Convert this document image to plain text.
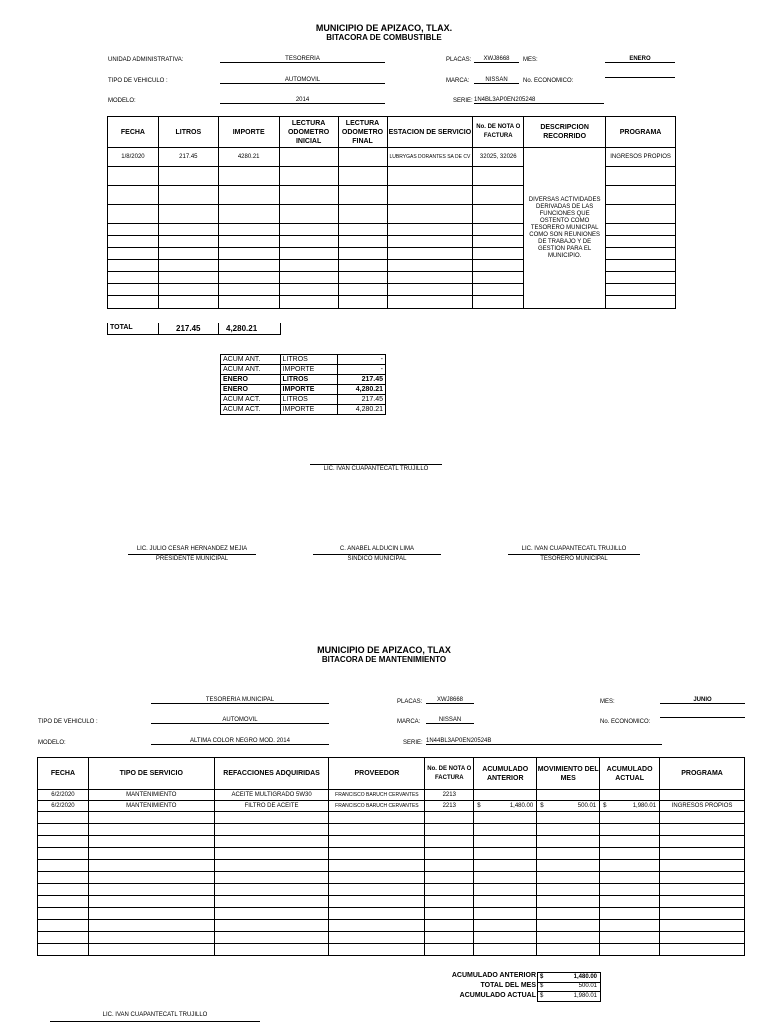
MUNICIPIO DE APIZACO, TLAX.
BITACORA DE COMBUSTIBLE
UNIDAD ADMINISTRATIVA:	TESORERIA	PLACAS:	XWJ8668	MES:	ENERO
TIPO DE VEHICULO :	AUTOMOVIL	MARCA:	NISSAN	No. ECONOMICO:
MODELO:	2014	SERIE: 1N4BL3AP0EN205248
FECHA	LITROS	IMPORTE	LECTURA ODOMETRO INICIAL	LECTURA ODOMETRO FINAL	ESTACION DE SERVICIO	No. DE NOTA O FACTURA	DESCRIPCION RECORRIDO	PROGRAMA
1/8/2020	217.45	4280.21			LUBRYGAS DORANTES SA DE CV	32025, 32026	DIVERSAS ACTIVIDADES DERIVADAS DE LAS FUNCIONES QUE OSTENTO COMO TESORERO MUNICIPAL COMO SON REUNIONES DE TRABAJO Y DE GESTION PARA EL MUNICIPIO.	INGRESOS PROPIOS

TOTAL	217.45	4,280.21
ACUM ANT.	LITROS	-
ACUM ANT.	IMPORTE	-
ENERO	LITROS	217.45
ENERO	IMPORTE	4,280.21
ACUM ACT.	LITROS	217.45
ACUM ACT.	IMPORTE	4,280.21
LIC. IVAN CUAPANTECATL TRUJILLO
LIC. JULIO CESAR HERNANDEZ MEJIA
PRESIDENTE MUNICIPAL
C. ANABEL ALDUCIN LIMA
SINDICO MUNICIPAL
LIC. IVAN CUAPANTECATL TRUJILLO
TESORERO MUNICIPAL
MUNICIPIO DE APIZACO, TLAX
BITACORA DE MANTENIMIENTO
TESORERIA MUNICIPAL	PLACAS:	XWJ8668	MES:	JUNIO
TIPO DE VEHICULO :	AUTOMOVIL	MARCA:	NISSAN	No. ECONOMICO:
MODELO:	ALTIMA COLOR NEGRO MOD. 2014	SERIE: 1N44BL3AP0EN20524B
FECHA	TIPO DE SERVICIO	REFACCIONES ADQUIRIDAS	PROVEEDOR	No. DE NOTA O FACTURA	ACUMULADO ANTERIOR	MOVIMIENTO DEL MES	ACUMULADO ACTUAL	PROGRAMA
6/2/2020	MANTENIMIENTO	ACEITE MULTIGRADO 5W30	FRANCISCO BARUCH CERVANTES	2213				
6/2/2020	MANTENIMIENTO	FILTRO DE ACEITE	FRANCISCO BARUCH CERVANTES	2213	$ 1,480.00	$ 500.01	$ 1,980.01	INGRESOS PROPIOS

ACUMULADO ANTERIOR $	1,480.00
TOTAL DEL MES $	500.01
ACUMULADO ACTUAL $	1,980.01
LIC. IVAN CUAPANTECATL TRUJILLO
